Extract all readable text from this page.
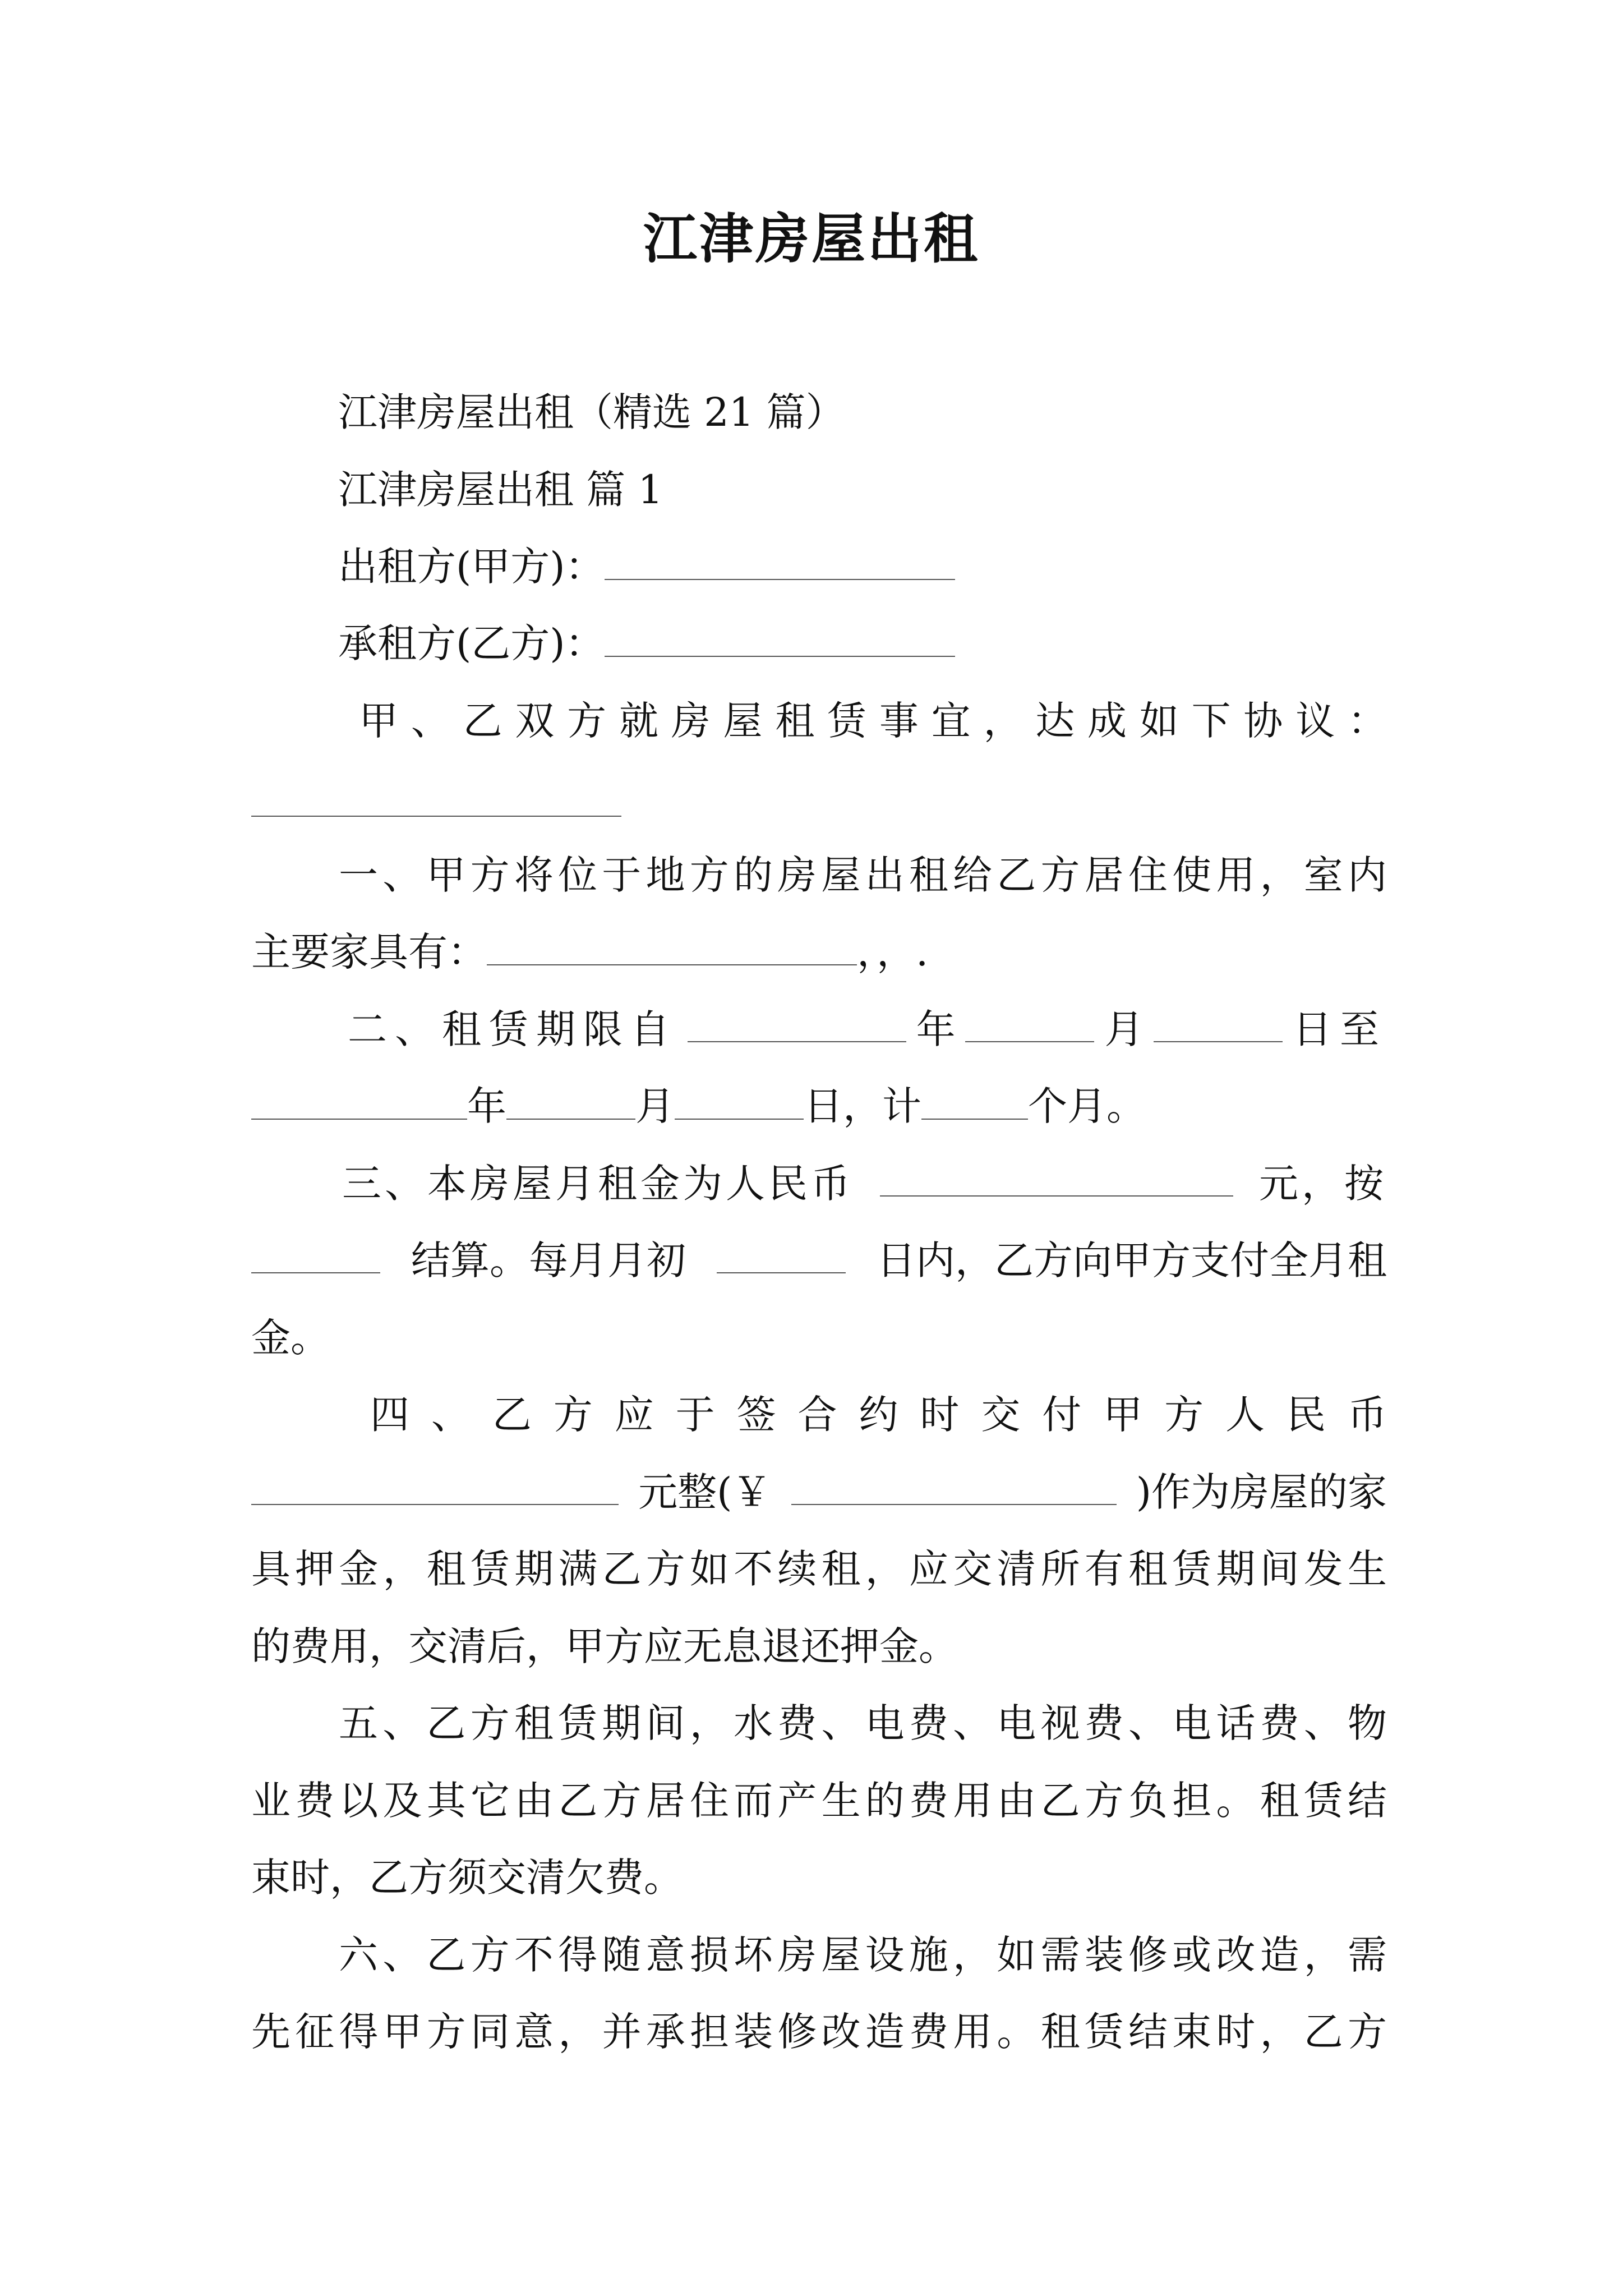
江津房屋出租
江津房屋出租（精选 21 篇）
江津房屋出租 篇 1
出租方(甲方)：
承租方(乙方)：
甲、乙双方就房屋租赁事宜，达成如下协议：
一、甲方将位于地方的房屋出租给乙方居住使用，室内
主要家具有：	，，.
二、租赁期限自	年	月	日至
年	月	日，计	个月。
三、本房屋月租金为人民币	元，按
结算。每月月初	日内，乙方向甲方支付全月租
金。
四、乙方应于签合约时交付甲方人民币
元整(￥	)作为房屋的家
具押金，租赁期满乙方如不续租，应交清所有租赁期间发生
的费用，交清后，甲方应无息退还押金。
五、乙方租赁期间，水费、电费、电视费、电话费、物
业费以及其它由乙方居住而产生的费用由乙方负担。租赁结
束时，乙方须交清欠费。
六、乙方不得随意损坏房屋设施，如需装修或改造，需
先征得甲方同意，并承担装修改造费用。租赁结束时，乙方
